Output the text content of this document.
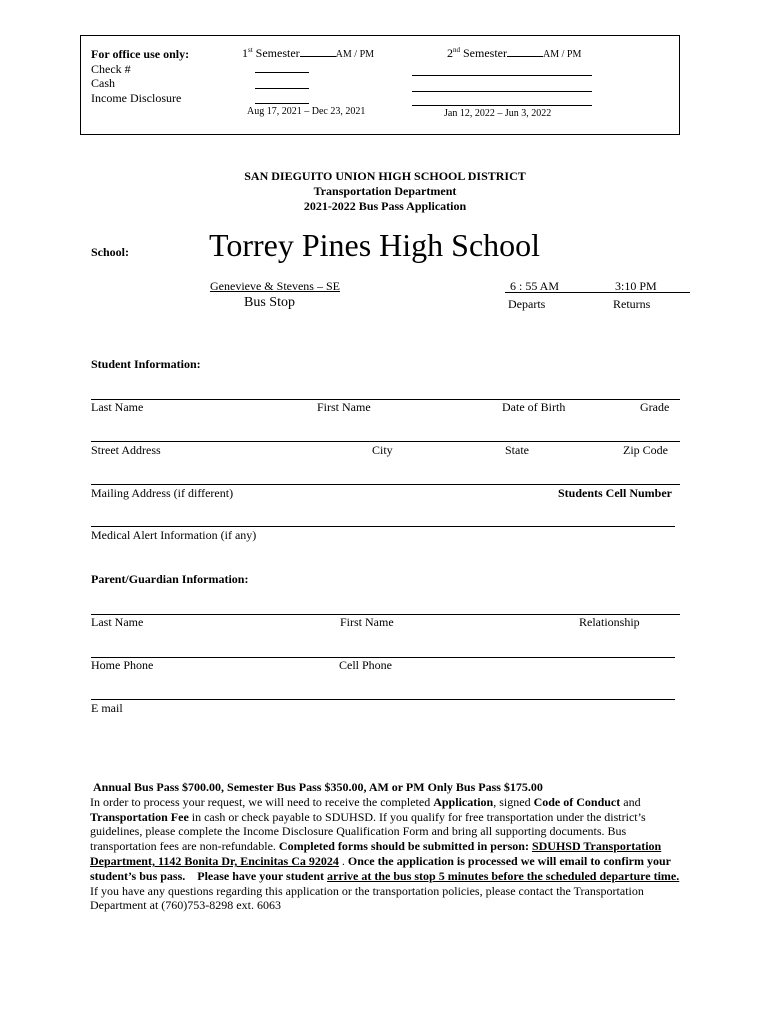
For office use only:
Check #
Cash
Income Disclosure
1st Semester	AM / PM
Aug 17, 2021 – Dec 23, 2021
2nd Semester	AM / PM
Jan 12, 2022 – Jun 3, 2022
SAN DIEGUITO UNION HIGH SCHOOL DISTRICT
Transportation Department
2021-2022 Bus Pass Application
School: Torrey Pines High School
Genevieve & Stevens – SE
Bus Stop
6 : 55 AM	3:10 PM
Departs	Returns
Student Information:
Last Name	First Name	Date of Birth	Grade
Street Address	City	State	Zip Code
Mailing Address (if different)	Students Cell Number
Medical Alert Information (if any)
Parent/Guardian Information:
Last Name	First Name	Relationship
Home Phone	Cell Phone
E mail

Annual Bus Pass $700.00, Semester Bus Pass $350.00, AM or PM Only Bus Pass $175.00

In order to process your request, we will need to receive the completed Application, signed Code of Conduct and Transportation Fee in cash or check payable to SDUHSD. If you qualify for free transportation under the district’s guidelines, please complete the Income Disclosure Qualification Form and bring all supporting documents. Bus transportation fees are non-refundable. Completed forms should be submitted in person: SDUHSD Transportation Department, 1142 Bonita Dr, Encinitas Ca 92024 . Once the application is processed we will email to confirm your student’s bus pass. Please have your student arrive at the bus stop 5 minutes before the scheduled departure time. If you have any questions regarding this application or the transportation policies, please contact the Transportation Department at (760)753-8298 ext. 6063
